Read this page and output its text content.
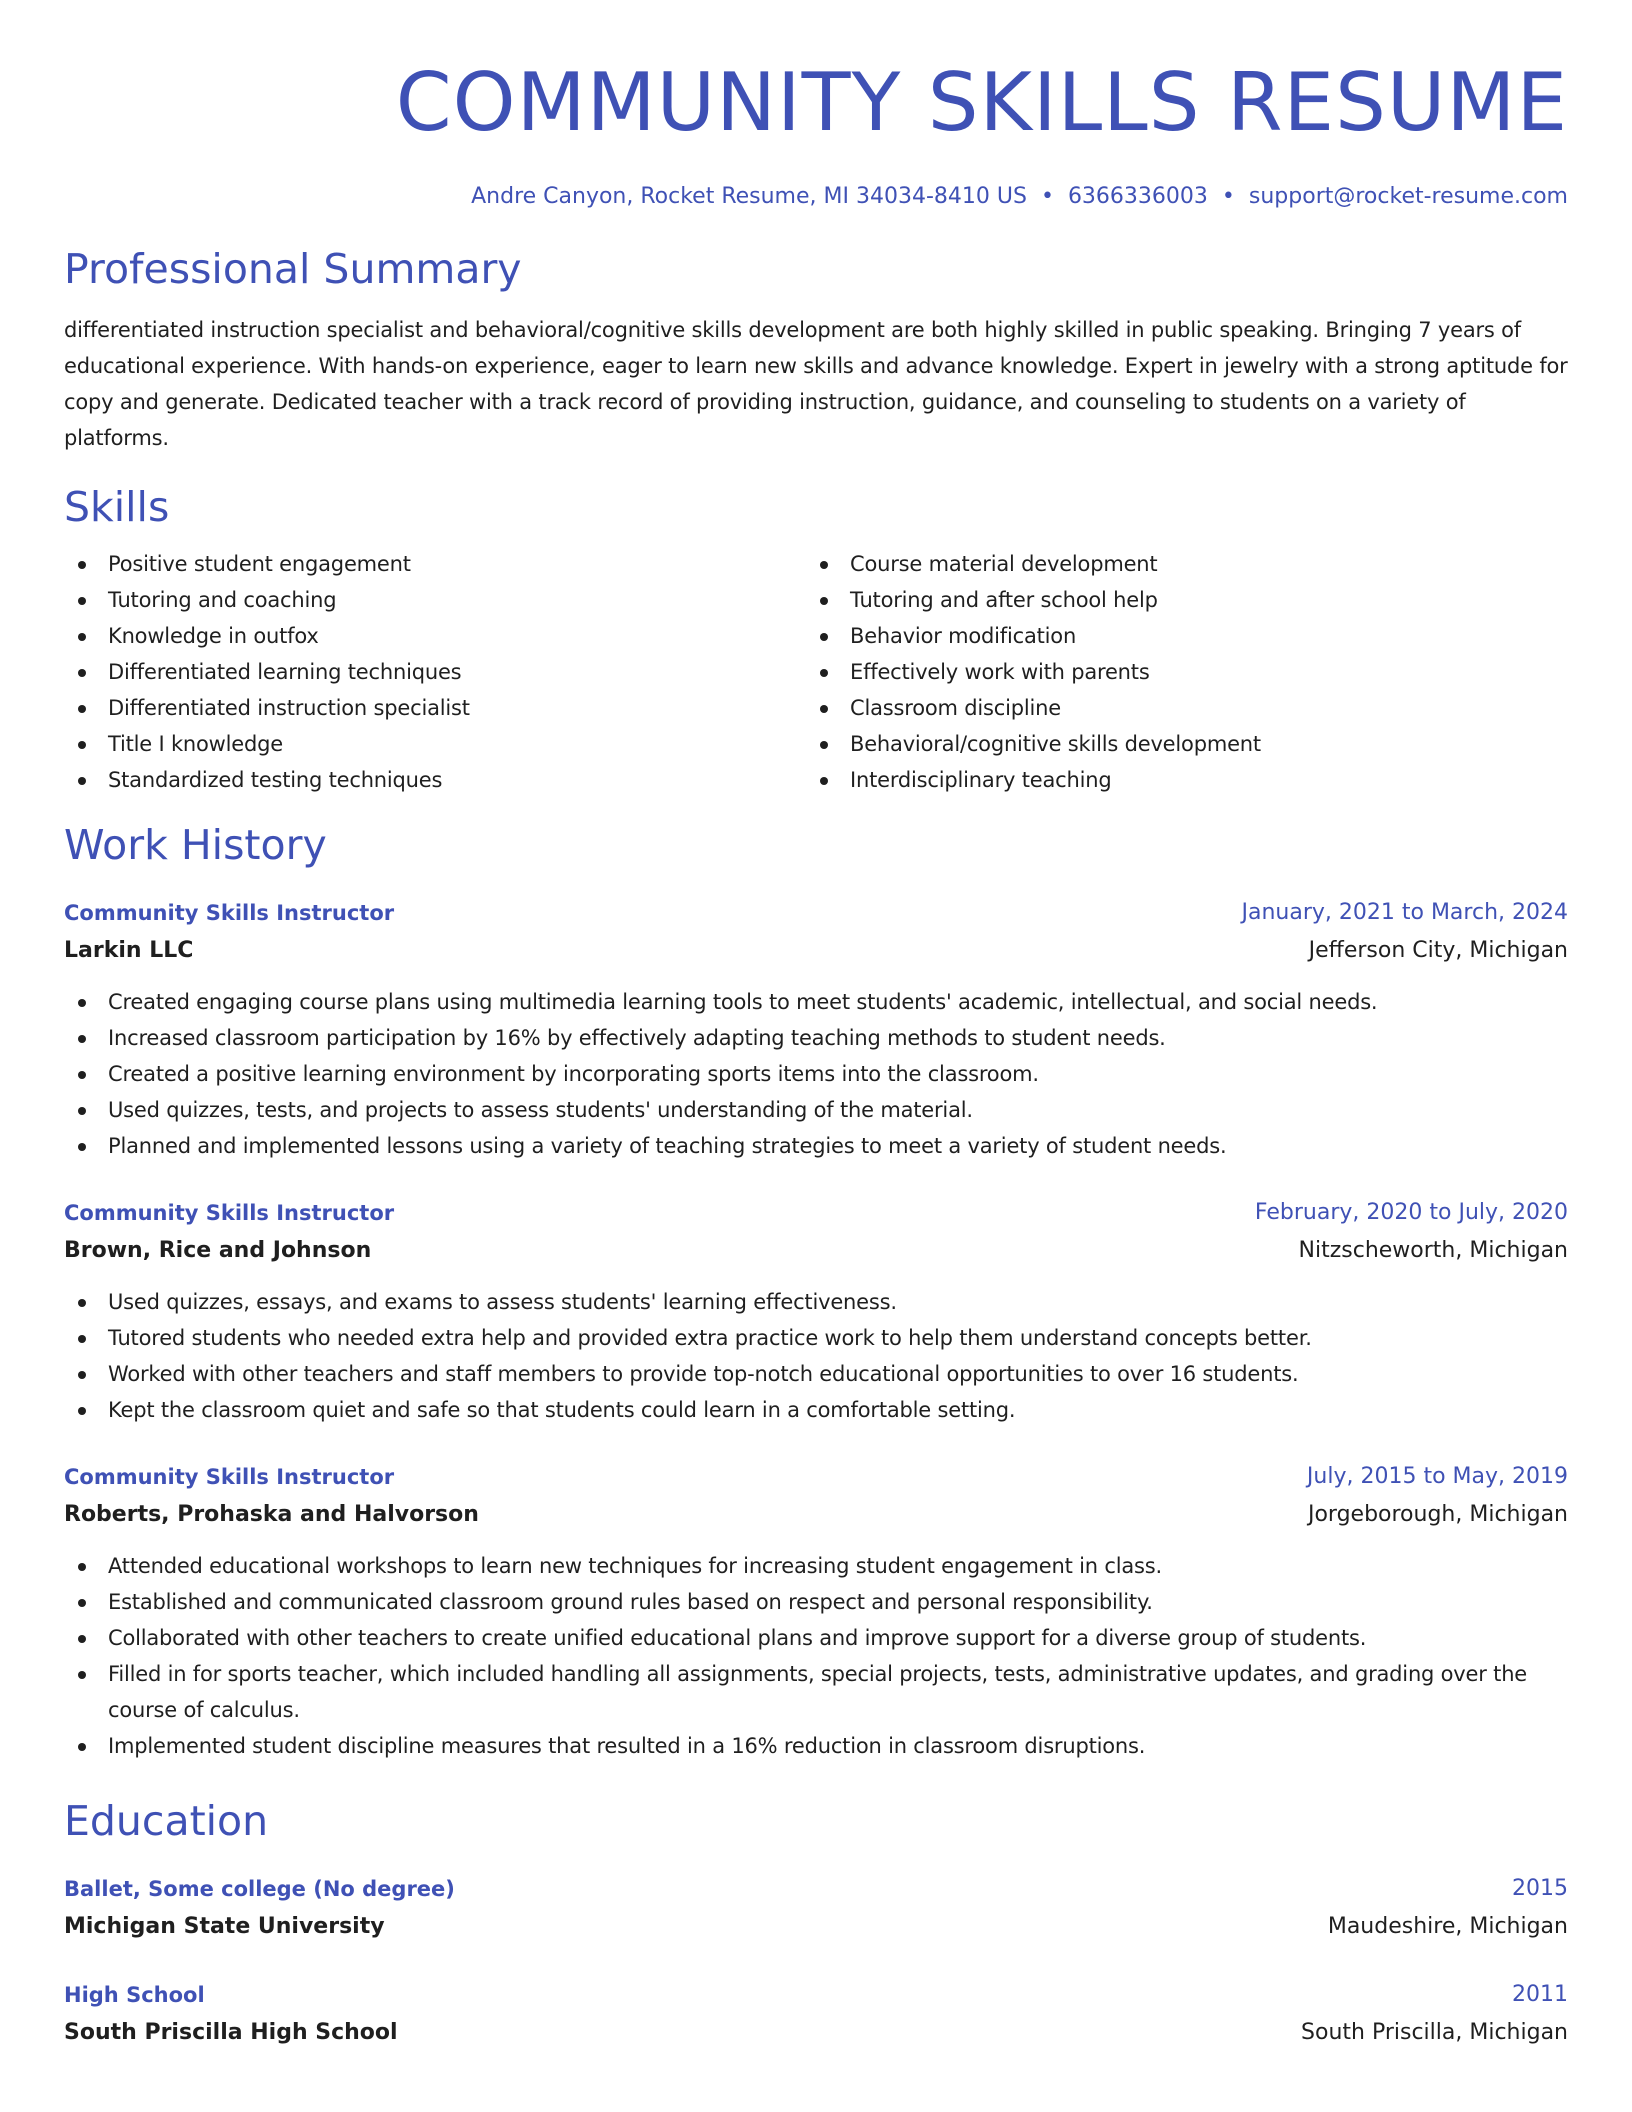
COMMUNITY SKILLS RESUME
Andre Canyon, Rocket Resume, MI 34034-8410 US • 6366336003 • support@rocket-resume.com
Professional Summary
differentiated instruction specialist and behavioral/cognitive skills development are both highly skilled in public speaking. Bringing 7 years of educational experience. With hands-on experience, eager to learn new skills and advance knowledge. Expert in jewelry with a strong aptitude for copy and generate. Dedicated teacher with a track record of providing instruction, guidance, and counseling to students on a variety of platforms.
Skills
Positive student engagement
Tutoring and coaching
Knowledge in outfox
Differentiated learning techniques
Differentiated instruction specialist
Title I knowledge
Standardized testing techniques
Course material development
Tutoring and after school help
Behavior modification
Effectively work with parents
Classroom discipline
Behavioral/cognitive skills development
Interdisciplinary teaching
Work History
Community Skills Instructor	January, 2021 to March, 2024
Larkin LLC	Jefferson City, Michigan
Created engaging course plans using multimedia learning tools to meet students' academic, intellectual, and social needs.
Increased classroom participation by 16% by effectively adapting teaching methods to student needs.
Created a positive learning environment by incorporating sports items into the classroom.
Used quizzes, tests, and projects to assess students' understanding of the material.
Planned and implemented lessons using a variety of teaching strategies to meet a variety of student needs.
Community Skills Instructor	February, 2020 to July, 2020
Brown, Rice and Johnson	Nitzscheworth, Michigan
Used quizzes, essays, and exams to assess students' learning effectiveness.
Tutored students who needed extra help and provided extra practice work to help them understand concepts better.
Worked with other teachers and staff members to provide top-notch educational opportunities to over 16 students.
Kept the classroom quiet and safe so that students could learn in a comfortable setting.
Community Skills Instructor	July, 2015 to May, 2019
Roberts, Prohaska and Halvorson	Jorgeborough, Michigan
Attended educational workshops to learn new techniques for increasing student engagement in class.
Established and communicated classroom ground rules based on respect and personal responsibility.
Collaborated with other teachers to create unified educational plans and improve support for a diverse group of students.
Filled in for sports teacher, which included handling all assignments, special projects, tests, administrative updates, and grading over the course of calculus.
Implemented student discipline measures that resulted in a 16% reduction in classroom disruptions.
Education
Ballet, Some college (No degree)	2015
Michigan State University	Maudeshire, Michigan
High School	2011
South Priscilla High School	South Priscilla, Michigan
